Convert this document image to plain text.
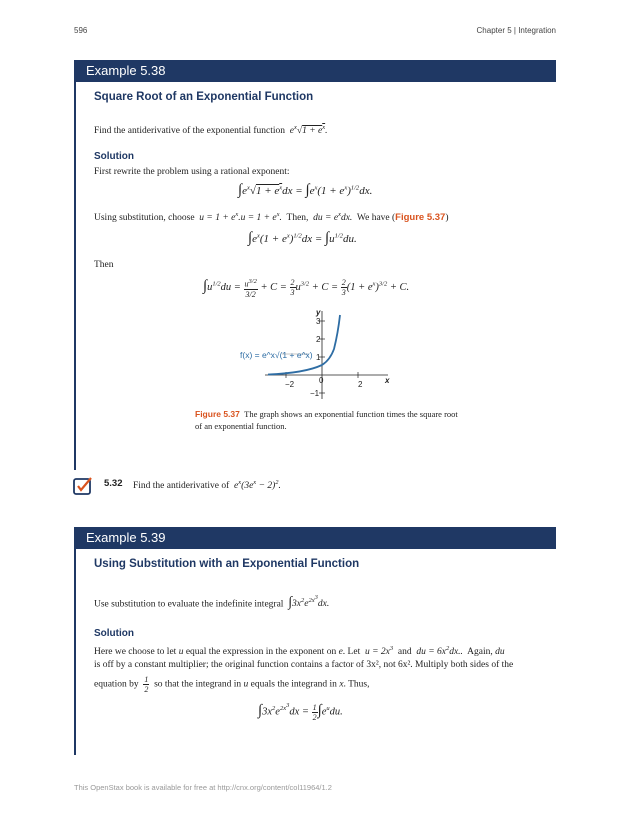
596	Chapter 5 | Integration
Example 5.38
Square Root of an Exponential Function
Find the antiderivative of the exponential function $e^x√1 + e^x$.
Solution
First rewrite the problem using a rational exponent:
$\int e^x√1 + e^xdx = \int e^x(1 + e^x)^{1/2}dx$.
Using substitution, choose $u = 1 + e^x.u = 1 + e^x$. Then, du = $e^xdx$. We have (Figure 5.37)
$\int e^x(1 + e^x)^{1/2}dx = \int u^{1/2}du$.
Then
$\int u^{1/2}du = \frac{u^{3/2}}{3/2} + C = \frac{2}{3} u^{3/2} + C = \frac{2}{3} (1 + e^x)^{3/2} + C$.
−2	0	2
3
2
1
−1
x
y
f(x) = e^x√(1 + e^x)
Figure 5.37 The graph shows an exponential function times the square root of an exponential function.
5.32 Find the antiderivative of $e^x(3e^x - 2)^2$.
Example 5.39
Using Substitution with an Exponential Function
Use substitution to evaluate the indefinite integral $\int 3x^2e^{2x^3}dx$.
Solution
Here we choose to let u equal the expression in the exponent on e. Let $u = 2x^3$ and du = $6x^2dx$.. Again, du
is off by a constant multiplier; the original function contains a factor of 3x², not 6x². Multiply both sides of the
equation by $\frac{1}{2}$ so that the integrand in u equals the integrand in x. Thus,
$\int 3x^2e^{2x^3}dx = \frac{1}{2} \int e^udu$.
This OpenStax book is available for free at http://cnx.org/content/col11964/1.2
